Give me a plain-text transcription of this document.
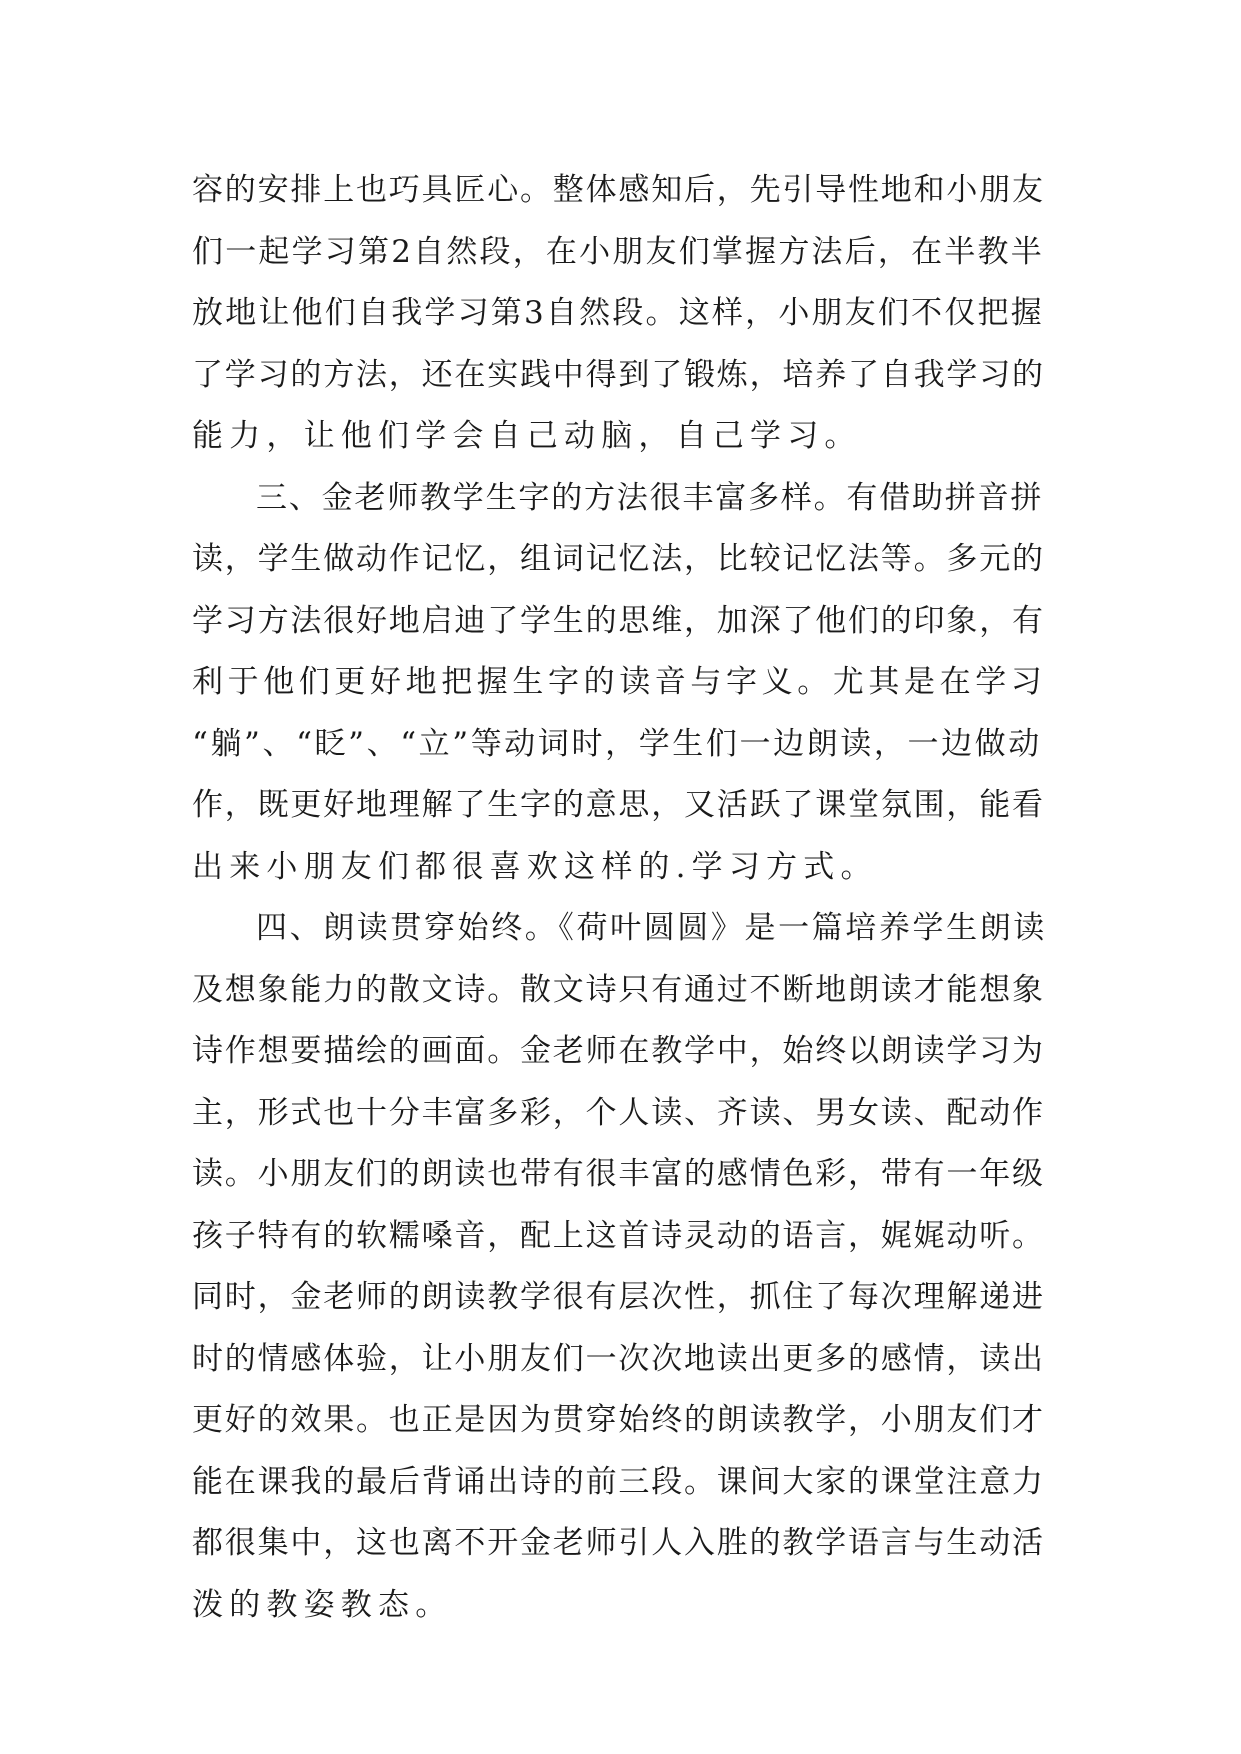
容的安排上也巧具匠心。整体感知后，先引导性地和小朋友
们一起学习第2自然段，在小朋友们掌握方法后，在半教半
放地让他们自我学习第3自然段。这样，小朋友们不仅把握
了学习的方法，还在实践中得到了锻炼，培养了自我学习的
能力，让他们学会自己动脑，自己学习。
三、金老师教学生字的方法很丰富多样。有借助拼音拼
读，学生做动作记忆，组词记忆法，比较记忆法等。多元的
学习方法很好地启迪了学生的思维，加深了他们的印象，有
利于他们更好地把握生字的读音与字义。尤其是在学习
“躺”、“眨”、“立”等动词时，学生们一边朗读，一边做动
作，既更好地理解了生字的意思，又活跃了课堂氛围，能看
出来小朋友们都很喜欢这样的.学习方式。
四、朗读贯穿始终。《荷叶圆圆》是一篇培养学生朗读
及想象能力的散文诗。散文诗只有通过不断地朗读才能想象
诗作想要描绘的画面。金老师在教学中，始终以朗读学习为
主，形式也十分丰富多彩，个人读、齐读、男女读、配动作
读。小朋友们的朗读也带有很丰富的感情色彩，带有一年级
孩子特有的软糯嗓音，配上这首诗灵动的语言，娓娓动听。
同时，金老师的朗读教学很有层次性，抓住了每次理解递进
时的情感体验，让小朋友们一次次地读出更多的感情，读出
更好的效果。也正是因为贯穿始终的朗读教学，小朋友们才
能在课我的最后背诵出诗的前三段。课间大家的课堂注意力
都很集中，这也离不开金老师引人入胜的教学语言与生动活
泼的教姿教态。
